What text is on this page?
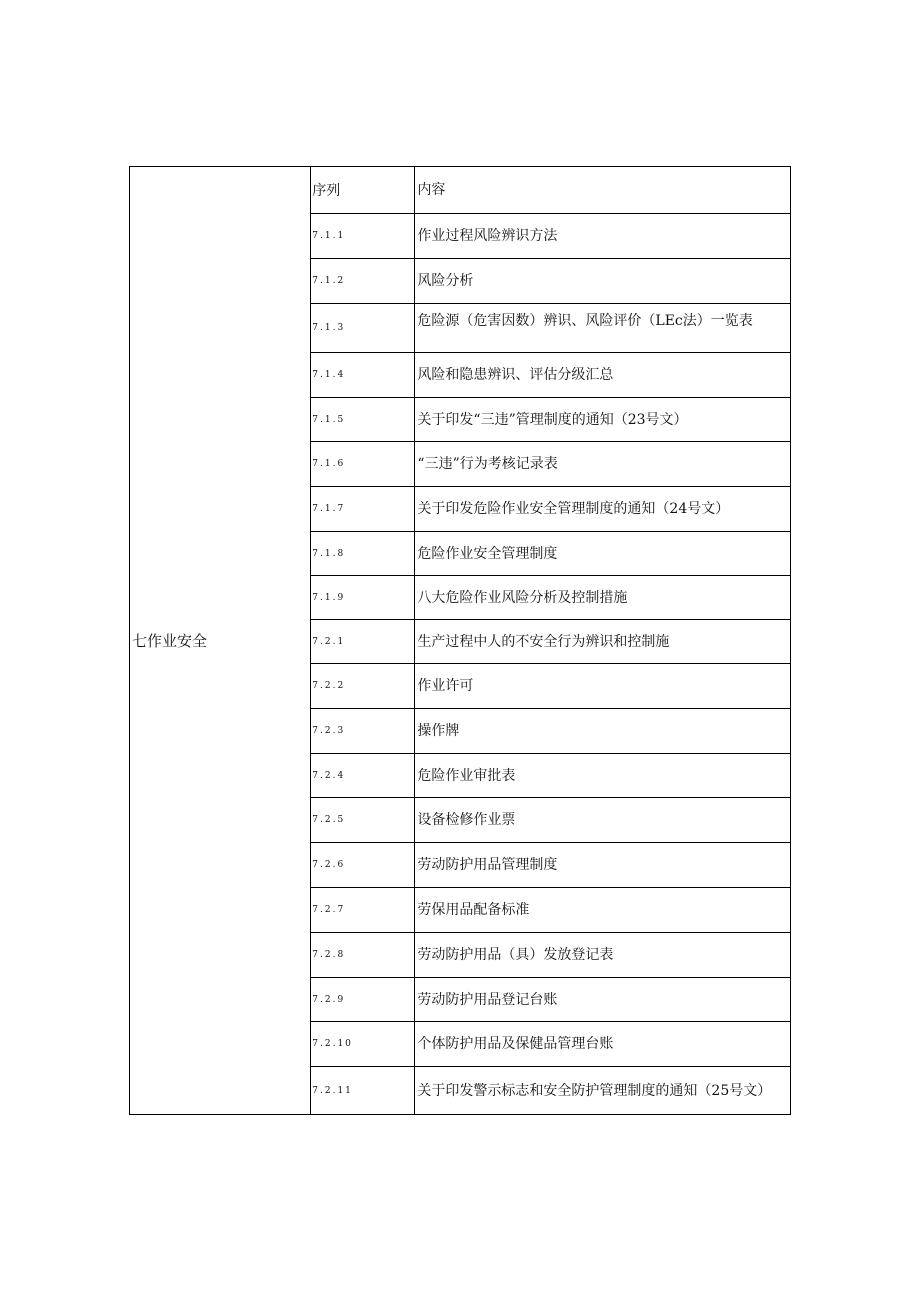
七作业安全	序列	内容
	7.1.1	作业过程风险辨识方法
	7.1.2	风险分析
	7.1.3	危险源（危害因数）辨识、风险评价（LEc法）一览表
	7.1.4	风险和隐患辨识、评估分级汇总
	7.1.5	关于印发“三违”管理制度的通知（23号文）
	7.1.6	“三违”行为考核记录表
	7.1.7	关于印发危险作业安全管理制度的通知（24号文）
	7.1.8	危险作业安全管理制度
	7.1.9	八大危险作业风险分析及控制措施
	7.2.1	生产过程中人的不安全行为辨识和控制施
	7.2.2	作业许可
	7.2.3	操作牌
	7.2.4	危险作业审批表
	7.2.5	设备检修作业票
	7.2.6	劳动防护用品管理制度
	7.2.7	劳保用品配备标准
	7.2.8	劳动防护用品（具）发放登记表
	7.2.9	劳动防护用品登记台账
	7.2.10	个体防护用品及保健品管理台账
	7.2.11	关于印发警示标志和安全防护管理制度的通知（25号文）
